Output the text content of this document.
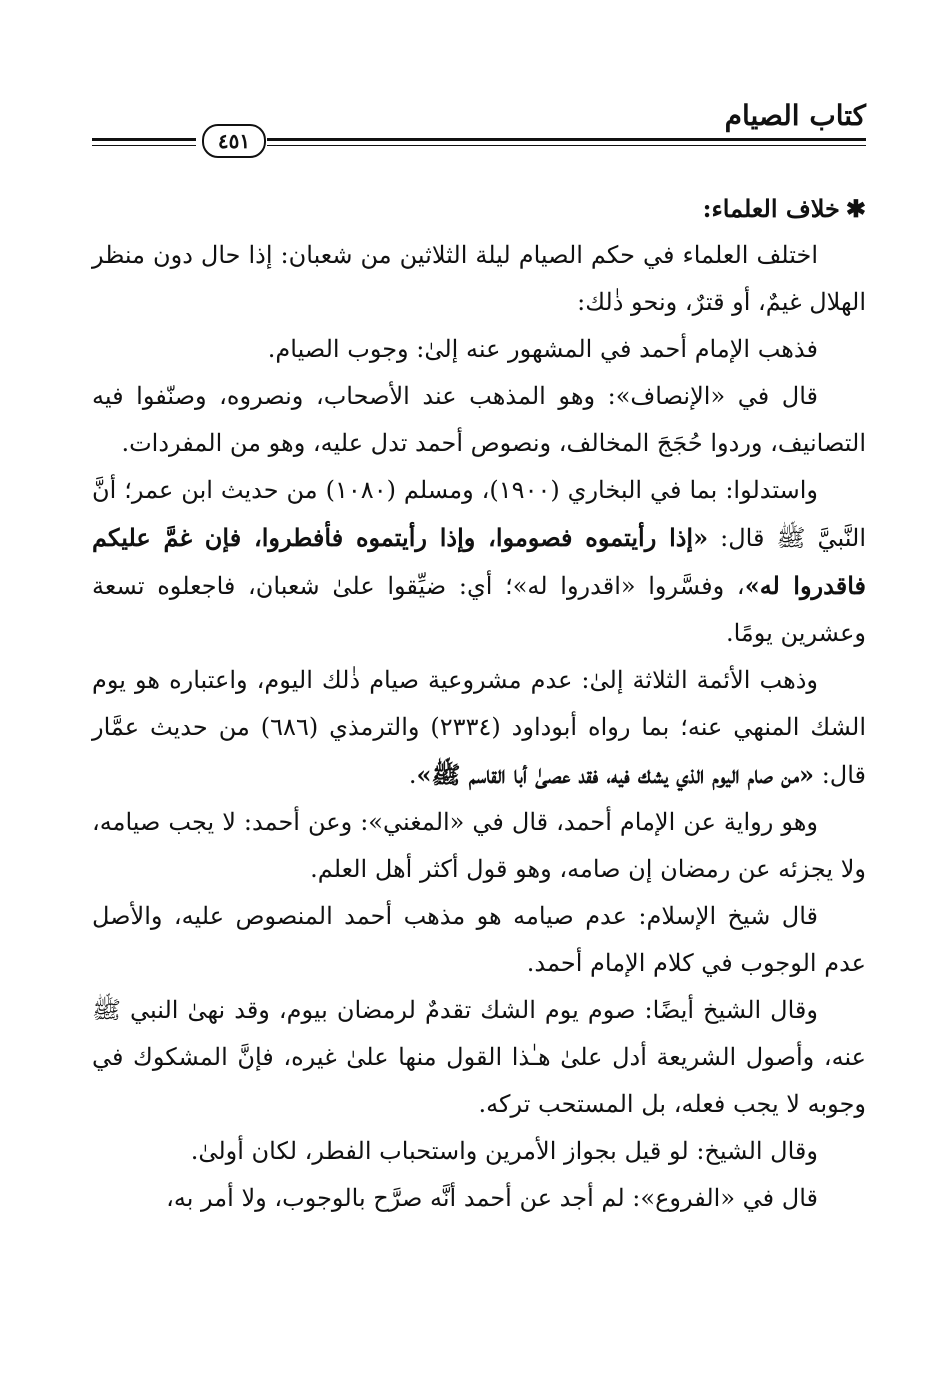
كتاب الصيام
٤٥١

✱خلاف العلماء:

اختلف العلماء في حكم الصيام ليلة الثلاثين من شعبان: إذا حال دون منظر الهلال غيمٌ، أو قترٌ، ونحو ذٰلك:

فذهب الإمام أحمد في المشهور عنه إلىٰ: وجوب الصيام.

قال في «الإنصاف»: وهو المذهب عند الأصحاب، ونصروه، وصنّفوا فيه التصانيف، وردوا حُجَجَ المخالف، ونصوص أحمد تدل عليه، وهو من المفردات.

واستدلوا: بما في البخاري (١٩٠٠)، ومسلم (١٠٨٠) من حديث ابن عمر؛ أنَّ النَّبيَّ ﷺ قال: «إذا رأيتموه فصوموا، وإذا رأيتموه فأفطروا، فإن غمَّ عليكم فاقدروا له»، وفسَّروا «اقدروا له»؛ أي: ضيِّقوا علىٰ شعبان، فاجعلوه تسعة وعشرين يومًا.

وذهب الأئمة الثلاثة إلىٰ: عدم مشروعية صيام ذٰلك اليوم، واعتباره هو يوم الشك المنهي عنه؛ بما رواه أبوداود (٢٣٣٤) والترمذي (٦٨٦) من حديث عمَّار قال: «من صام اليوم الذي يشك فيه، فقد عصىٰ أبا القاسم ﷺ».

وهو رواية عن الإمام أحمد، قال في «المغني»: وعن أحمد: لا يجب صيامه، ولا يجزئه عن رمضان إن صامه، وهو قول أكثر أهل العلم.

قال شيخ الإسلام: عدم صيامه هو مذهب أحمد المنصوص عليه، والأصل عدم الوجوب في كلام الإمام أحمد.

وقال الشيخ أيضًا: صوم يوم الشك تقدمٌ لرمضان بيوم، وقد نهىٰ النبي ﷺ عنه، وأصول الشريعة أدل علىٰ هـٰذا القول منها علىٰ غيره، فإنَّ المشكوك في وجوبه لا يجب فعله، بل المستحب تركه.

وقال الشيخ: لو قيل بجواز الأمرين واستحباب الفطر، لكان أولىٰ.

قال في «الفروع»: لم أجد عن أحمد أنَّه صرَّح بالوجوب، ولا أمر به،
